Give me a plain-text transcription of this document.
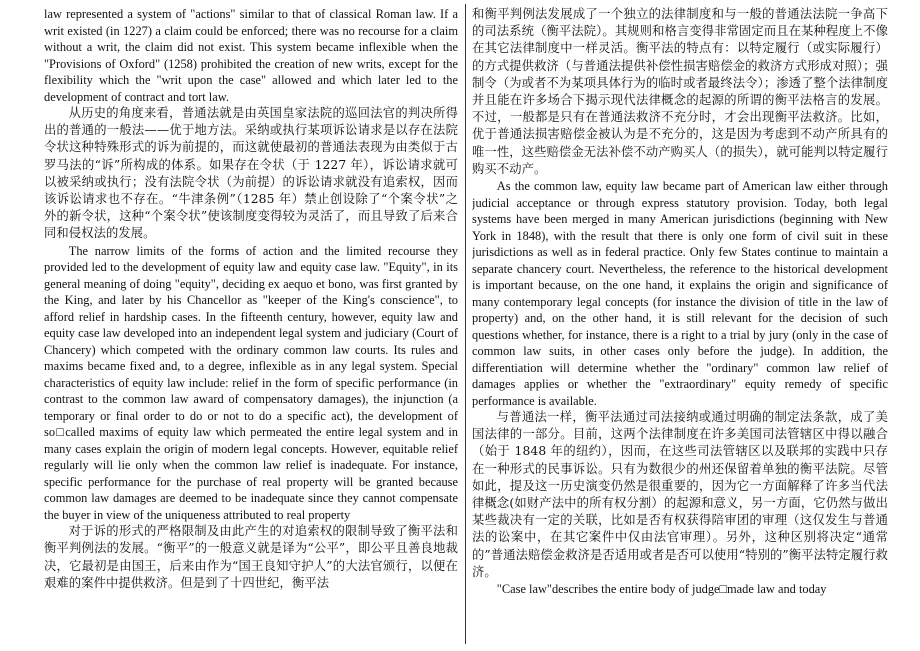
law represented a system of "actions" similar to that of classical Roman law. If a writ existed (in 1227) a claim could be enforced; there was no recourse for a claim without a writ, the claim did not exist. This system became inflexible when the "Provisions of Oxford" (1258) prohibited the creation of new writs, except for the flexibility which the "writ upon the case" allowed and which later led to the development of contract and tort law.

从历史的角度来看，普通法就是由英国皇家法院的巡回法官的判决所得出的普通的一般法——优于地方法。采纳或执行某项诉讼请求是以存在法院令状这种特殊形式的诉为前提的，而这就使最初的普通法表现为由类似于古罗马法的“诉”所构成的体系。如果存在令状（于 1227 年），诉讼请求就可以被采纳或执行；没有法院令状（为前提）的诉讼请求就没有追索权，因而该诉讼请求也不存在。“牛津条例”（1285 年）禁止创设除了“个案令状”之外的新令状，这种“个案令状”使该制度变得较为灵活了，而且导致了后来合同和侵权法的发展。

The narrow limits of the forms of action and the limited recourse they provided led to the development of equity law and equity case law. "Equity", in its general meaning of doing "equity", deciding ex aequo et bono, was first granted by the King, and later by his Chancellor as "keeper of the King's conscience", to afford relief in hardship cases. In the fifteenth century, however, equity law and equity case law developed into an independent legal system and judiciary (Court of Chancery) which competed with the ordinary common law courts. Its rules and maxims became fixed and, to a degree, inflexible as in any legal system. Special characteristics of equity law include: relief in the form of specific performance (in contrast to the common law award of compensatory damages), the injunction (a temporary or final order to do or not to do a specific act), the development of so□called maxims of equity law which permeated the entire legal system and in many cases explain the origin of modern legal concepts. However, equitable relief regularly will lie only when the common law relief is inadequate. For instance, specific performance for the purchase of real property will be granted because common law damages are deemed to be inadequate since they cannot compensate the buyer in view of the uniqueness attributed to real property

对于诉的形式的严格限制及由此产生的对追索权的限制导致了衡平法和衡平判例法的发展。“衡平”的一般意义就是译为“公平”，即公平且善良地裁决，它最初是由国王，后来由作为“国王良知守护人”的大法官颁行，以便在艰难的案件中提供救济。但是到了十四世纪，衡平法

和衡平判例法发展成了一个独立的法律制度和与一般的普通法法院一争高下的司法系统（衡平法院）。其规则和格言变得非常固定而且在某种程度上不像在其它法律制度中一样灵活。衡平法的特点有：以特定履行（或实际履行）的方式提供救济（与普通法提供补偿性损害赔偿金的救济方式形成对照）；强制令（为或者不为某项具体行为的临时或者最终法令）；渗透了整个法律制度并且能在许多场合下揭示现代法律概念的起源的所谓的衡平法格言的发展。不过，一般都是只有在普通法救济不充分时，才会出现衡平法救济。比如，优于普通法损害赔偿金被认为是不充分的，这是因为考虑到不动产所具有的唯一性，这些赔偿金无法补偿不动产购买人（的损失），就可能判以特定履行购买不动产。

As the common law, equity law became part of American law either through judicial acceptance or through express statutory provision. Today, both legal systems have been merged in many American jurisdictions (beginning with New York in 1848), with the result that there is only one form of civil suit in these jurisdictions as well as in federal practice. Only few States continue to maintain a separate chancery court. Nevertheless, the reference to the historical development is important because, on the one hand, it explains the origin and significance of many contemporary legal concepts (for instance the division of title in the law of property) and, on the other hand, it is still relevant for the decision of such questions whether, for instance, there is a right to a trial by jury (only in the case of common law suits, in other cases only before the judge). In addition, the differentiation will determine whether the "ordinary" common law relief of damages applies or whether the "extraordinary" equity remedy of specific performance is available.

与普通法一样，衡平法通过司法接纳或通过明确的制定法条款，成了美国法律的一部分。目前，这两个法律制度在许多美国司法管辖区中得以融合（始于 1848 年的纽约），因而，在这些司法管辖区以及联邦的实践中只存在一种形式的民事诉讼。只有为数很少的州还保留着单独的衡平法院。尽管如此，提及这一历史演变仍然是很重要的，因为它一方面解释了许多当代法律概念(如财产法中的所有权分割）的起源和意义，另一方面，它仍然与做出某些裁决有一定的关联，比如是否有权获得陪审团的审理（这仅发生与普通法的讼案中，在其它案件中仅由法官审理）。另外，这种区别将决定“通常的”普通法赔偿金救济是否适用或者是否可以使用“特别的”衡平法特定履行救济。

"Case law"describes the entire body of judge□made law and today
